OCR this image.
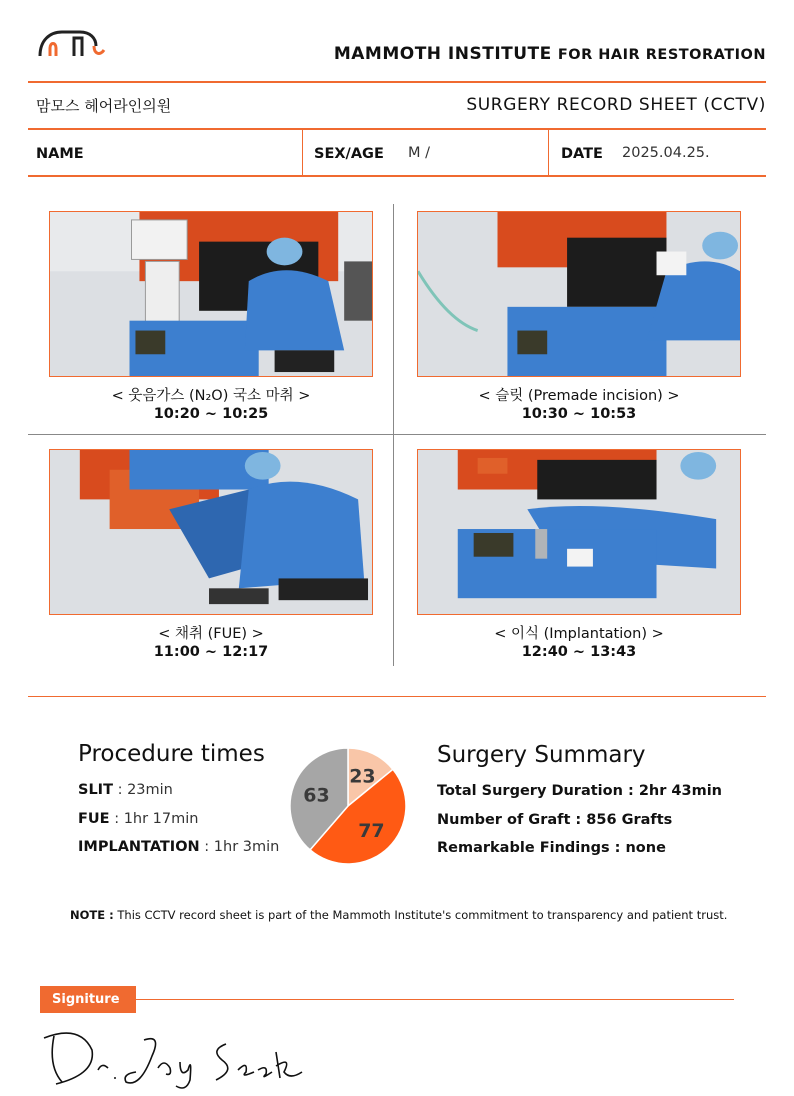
MAMMOTH INSTITUTE FOR HAIR RESTORATION
맘모스 헤어라인의원	SURGERY RECORD SHEET (CCTV)
NAME	SEX/AGE M /	DATE 2025.04.25.
< 웃음가스 (N₂O) 국소 마취 >
10:20 ~ 10:25
< 슬릿 (Premade incision) >
10:30 ~ 10:53
< 채취 (FUE) >
11:00 ~ 12:17
< 이식 (Implantation) >
12:40 ~ 13:43
Procedure times
SLIT : 23min
FUE : 1hr 17min
IMPLANTATION : 1hr 3min
23
77
63
Surgery Summary
Total Surgery Duration : 2hr 43min
Number of Graft : 856 Grafts
Remarkable Findings : none
NOTE : This CCTV record sheet is part of the Mammoth Institute's commitment to transparency and patient trust.
Signiture
